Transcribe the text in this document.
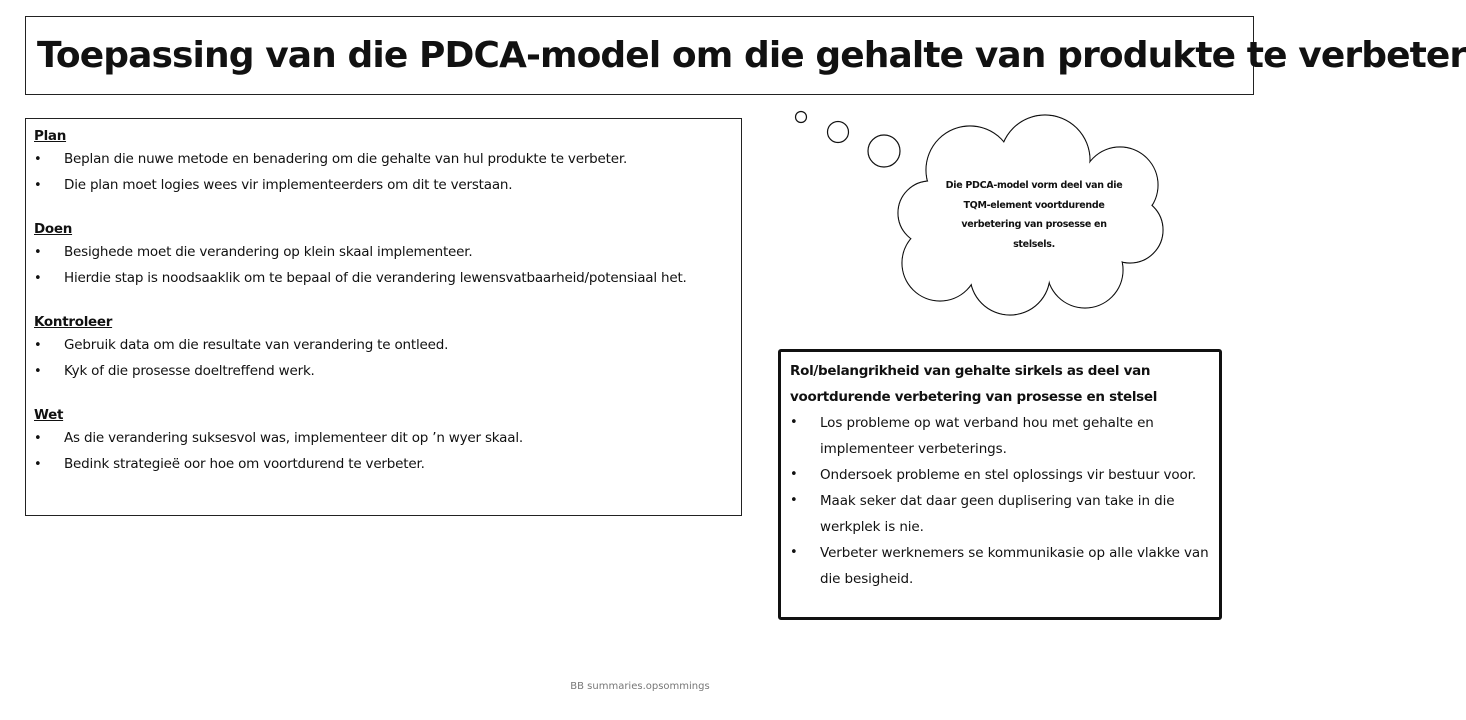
Toepassing van die PDCA-model om die gehalte van produkte te verbeter
Plan
• Beplan die nuwe metode en benadering om die gehalte van hul produkte te verbeter.
• Die plan moet logies wees vir implementeerders om dit te verstaan.
Doen
• Besighede moet die verandering op klein skaal implementeer.
• Hierdie stap is noodsaaklik om te bepaal of die verandering lewensvatbaarheid/potensiaal het.
Kontroleer
• Gebruik data om die resultate van verandering te ontleed.
• Kyk of die prosesse doeltreffend werk.
Wet
• As die verandering suksesvol was, implementeer dit op ’n wyer skaal.
• Bedink strategieë oor hoe om voortdurend te verbeter.
Die PDCA-model vorm deel van die TQM-element voortdurende verbetering van prosesse en stelsels.
Rol/belangrikheid van gehalte sirkels as deel van voortdurende verbetering van prosesse en stelsel
• Los probleme op wat verband hou met gehalte en implementeer verbeterings.
• Ondersoek probleme en stel oplossings vir bestuur voor.
• Maak seker dat daar geen duplisering van take in die werkplek is nie.
• Verbeter werknemers se kommunikasie op alle vlakke van die besigheid.
BB summaries.opsommings
